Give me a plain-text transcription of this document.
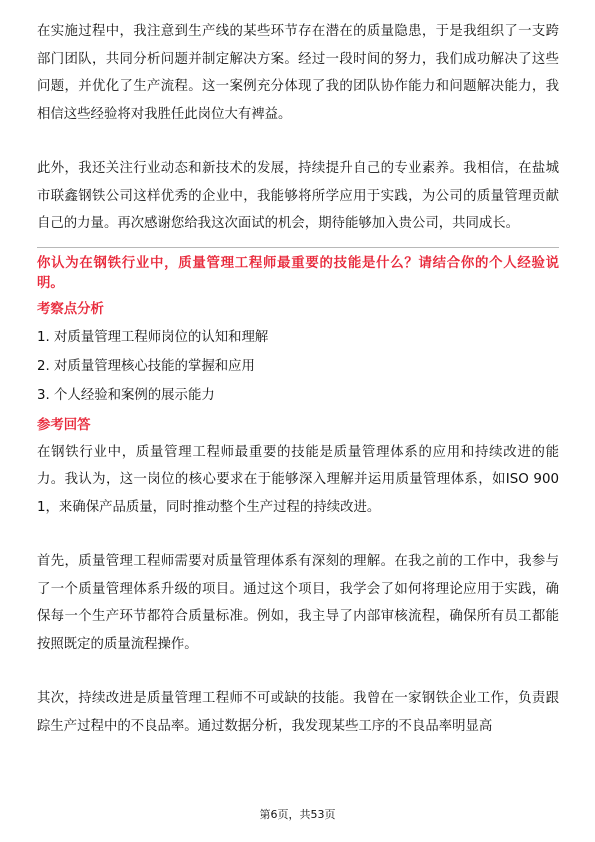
在实施过程中，我注意到生产线的某些环节存在潜在的质量隐患，于是我组织了一支跨部门团队，共同分析问题并制定解决方案。经过一段时间的努力，我们成功解决了这些问题，并优化了生产流程。这一案例充分体现了我的团队协作能力和问题解决能力，我相信这些经验将对我胜任此岗位大有裨益。

此外，我还关注行业动态和新技术的发展，持续提升自己的专业素养。我相信，在盐城市联鑫钢铁公司这样优秀的企业中，我能够将所学应用于实践，为公司的质量管理贡献自己的力量。再次感谢您给我这次面试的机会，期待能够加入贵公司，共同成长。

你认为在钢铁行业中，质量管理工程师最重要的技能是什么？请结合你的个人经验说明。

考察点分析

1. 对质量管理工程师岗位的认知和理解

2. 对质量管理核心技能的掌握和应用

3. 个人经验和案例的展示能力

参考回答

在钢铁行业中，质量管理工程师最重要的技能是质量管理体系的应用和持续改进的能力。我认为，这一岗位的核心要求在于能够深入理解并运用质量管理体系，如ISO 9001，来确保产品质量，同时推动整个生产过程的持续改进。

首先，质量管理工程师需要对质量管理体系有深刻的理解。在我之前的工作中，我参与了一个质量管理体系升级的项目。通过这个项目，我学会了如何将理论应用于实践，确保每一个生产环节都符合质量标准。例如，我主导了内部审核流程，确保所有员工都能按照既定的质量流程操作。

其次，持续改进是质量管理工程师不可或缺的技能。我曾在一家钢铁企业工作，负责跟踪生产过程中的不良品率。通过数据分析，我发现某些工序的不良品率明显高

第6页，共53页
